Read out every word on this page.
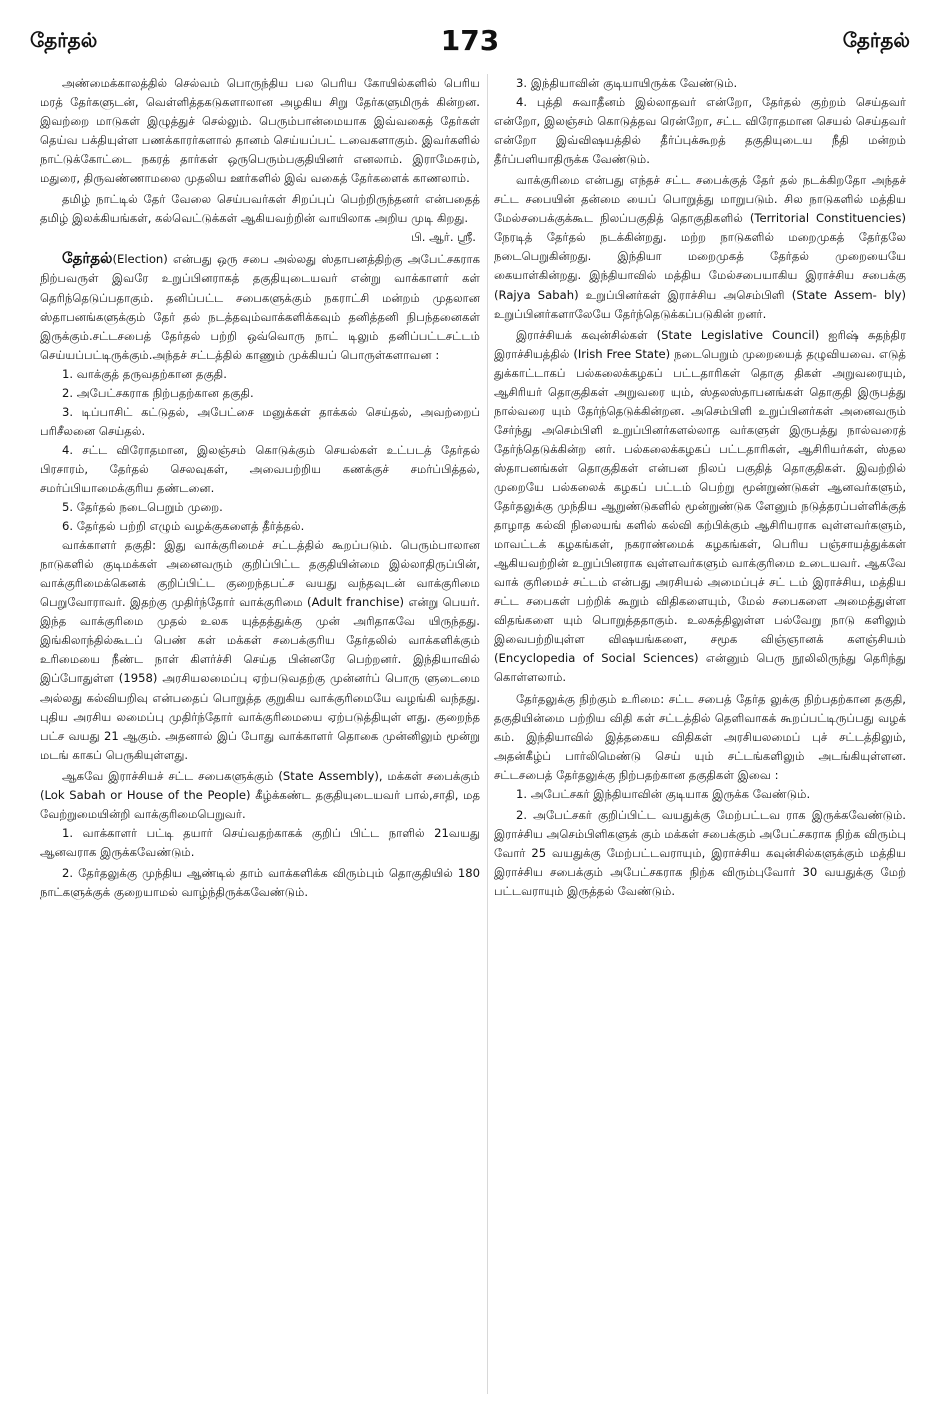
தேர்தல்	173	தேர்தல்

அண்மைக்காலத்தில் செல்வம் பொருந்திய பல பெரிய கோயில்களில் பெரிய மரத் தேர்களுடன், வெள்ளித்தகடுகளாலான அழகிய சிறு தேர்களுமிருக் கின்றன. இவற்றை மாடுகள் இழுத்துச் செல்லும். பெரும்பான்மையாக இவ்வகைத் தேர்கள் தெய்வ பக்தியுள்ள பணக்காரர்களால் தானம் செய்யப்பட் டவைகளாகும். இவர்களில் நாட்டுக்கோட்டை நகரத் தார்கள் ஒருபெரும்பகுதியினர் எனலாம். இராமேசுரம், மதுரை, திருவண்ணாமலை முதலிய ஊர்களில் இவ் வகைத் தேர்களைக் காணலாம்.

தமிழ் நாட்டில் தேர் வேலை செய்பவர்கள் சிறப்புப் பெற்றிருந்தனர் என்பதைத் தமிழ் இலக்கியங்கள், கல்வெட்டுக்கள் ஆகியவற்றின் வாயிலாக அறிய முடி கிறது.

பி. ஆர். ஸ்ரீ.

தேர்தல்(Election) என்பது ஒரு சபை அல்லது ஸ்தாபனத்திற்கு அபேட்சகராக நிற்பவருள் இவரே உறுப்பினராகத் தகுதியுடையவர் என்று வாக்காளர் கள் தெரிந்தெடுப்பதாகும். தனிப்பட்ட சபைகளுக்கும் நகராட்சி மன்றம் முதலான ஸ்தாபனங்களுக்கும் தேர் தல் நடத்தவும்வாக்களிக்கவும் தனித்தனி நிபந்தனைகள் இருக்கும்.சட்டசபைத் தேர்தல் பற்றி ஒவ்வொரு நாட் டிலும் தனிப்பட்டசட்டம் செய்யப்பட்டிருக்கும்.அந்தச் சட்டத்தில் காணும் முக்கியப் பொருள்களாவன :

1. வாக்குத் தருவதற்கான தகுதி.

2. அபேட்சகராக நிற்பதற்கான தகுதி.

3. டிப்பாசிட் கட்டுதல், அபேட்சை மனுக்கள் தாக்கல் செய்தல், அவற்றைப் பரிசீலனை செய்தல்.

4. சட்ட விரோதமான, இலஞ்சம் கொடுக்கும் செயல்கள் உட்படத் தேர்தல் பிரசாரம், தேர்தல் செலவுகள், அவைபற்றிய கணக்குச் சமர்ப்பித்தல், சமர்ப்பியாமைக்குரிய தண்டனை.

5. தேர்தல் நடைபெறும் முறை.

6. தேர்தல் பற்றி எழும் வழக்குகளைத் தீர்த்தல்.

வாக்காளர் தகுதி: இது வாக்குரிமைச் சட்டத்தில் கூறப்படும். பெரும்பாலான நாடுகளில் குடிமக்கள் அனைவரும் குறிப்பிட்ட தகுதியின்மை இல்லாதிருப்பின், வாக்குரிமைக்கெனக் குறிப்பிட்ட குறைந்தபட்ச வயது வந்தவுடன் வாக்குரிமை பெறுவோராவர். இதற்கு முதிர்ந்தோர் வாக்குரிமை (Adult franchise) என்று பெயர். இந்த வாக்குரிமை முதல் உலக யுத்தத்துக்கு முன் அரிதாகவே யிருந்தது. இங்கிலாந்தில்கூடப் பெண் கள் மக்கள் சபைக்குரிய தேர்தலில் வாக்களிக்கும் உரிமையை நீண்ட நாள் கிளர்ச்சி செய்த பின்னரே பெற்றனர். இந்தியாவில் இப்போதுள்ள (1958) அரசியலமைப்பு ஏற்படுவதற்கு முன்னர்ப் பொரு ளுடைமை அல்லது கல்வியறிவு என்பதைப் பொறுத்த குறுகிய வாக்குரிமையே வழங்கி வந்தது. புதிய அரசிய லமைப்பு முதிர்ந்தோர் வாக்குரிமையை ஏற்படுத்தியுள் ளது. குறைந்த பட்ச வயது 21 ஆகும். அதனால் இப் போது வாக்காளர் தொகை முன்னிலும் மூன்று மடங் காகப் பெருகியுள்ளது.

ஆகவே இராச்சியச் சட்ட சபைகளுக்கும் (State Assembly), மக்கள் சபைக்கும் (Lok Sabah or House of the People) கீழ்க்கண்ட தகுதியுடையவர் பால்,சாதி, மத வேற்றுமையின்றி வாக்குரிமைபெறுவர்.

1. வாக்காளர் பட்டி தயார் செய்வதற்காகக் குறிப் பிட்ட நாளில் 21வயது ஆனவராக இருக்கவேண்டும்.

2. தேர்தலுக்கு முந்திய ஆண்டில் தாம் வாக்களிக்க விரும்பும் தொகுதியில் 180 நாட்களுக்குக் குறையாமல் வாழ்ந்திருக்கவேண்டும்.

3. இந்தியாவின் குடியாயிருக்க வேண்டும்.

4. புத்தி சுவாதீனம் இல்லாதவர் என்றோ, தேர்தல் குற்றம் செய்தவர் என்றோ, இலஞ்சம் கொடுத்தவ ரென்றோ, சட்ட விரோதமான செயல் செய்தவர் என்றோ இவ்விஷயத்தில் தீர்ப்புக்கூறத் தகுதியுடைய நீதி மன்றம் தீர்ப்பளியாதிருக்க வேண்டும்.

வாக்குரிமை என்பது எந்தச் சட்ட சபைக்குத் தேர் தல் நடக்கிறதோ அந்தச் சட்ட சபையின் தன்மை யைப் பொறுத்து மாறுபடும். சில நாடுகளில் மத்திய மேல்சபைக்குக்கூட நிலப்பகுதித் தொகுதிகளில் (Territorial Constituencies) நேரடித் தேர்தல் நடக்கின்றது. மற்ற நாடுகளில் மறைமுகத் தேர்தலே நடைபெறுகின்றது. இந்தியா மறைமுகத் தேர்தல் முறையையே கையாள்கின்றது. இந்தியாவில் மத்திய மேல்சபையாகிய இராச்சிய சபைக்கு (Rajya Sabah) உறுப்பினர்கள் இராச்சிய அசெம்பிளி (State Assem- bly) உறுப்பினர்களாலேயே தேர்ந்தெடுக்கப்படுகின் றனர்.

இராச்சியக் கவுன்சில்கள் (State Legislative Council) ஐரிஷ் சுதந்திர இராச்சியத்தில் (Irish Free State) நடைபெறும் முறையைத் தழுவியவை. எடுத் துக்காட்டாகப் பல்கலைக்கழகப் பட்டதாரிகள் தொகு திகள் அறுவரையும், ஆசிரியர் தொகுதிகள் அறுவரை யும், ஸ்தலஸ்தாபனங்கள் தொகுதி இருபத்து நால்வரை யும் தேர்ந்தெடுக்கின்றன. அசெம்பிளி உறுப்பினர்கள் அனைவரும் சேர்ந்து அசெம்பிளி உறுப்பினர்களல்லாத வர்களுள் இருபத்து நால்வரைத் தேர்ந்தெடுக்கின்ற னர். பல்கலைக்கழகப் பட்டதாரிகள், ஆசிரியர்கள், ஸ்தல ஸ்தாபனங்கள் தொகுதிகள் என்பன நிலப் பகுதித் தொகுதிகள். இவற்றில் முறையே பல்கலைக் கழகப் பட்டம் பெற்று மூன்றுண்டுகள் ஆனவர்களும், தேர்தலுக்கு முந்திய ஆறுண்டுகளில் மூன்றுண்டுக ளேனும் நடுத்தரப்பள்ளிக்குத் தாழாத கல்வி நிலையங் களில் கல்வி கற்பிக்கும் ஆசிரியராக வுள்ளவர்களும், மாவட்டக் கழகங்கள், நகராண்மைக் கழகங்கள், பெரிய பஞ்சாயத்துக்கள் ஆகியவற்றின் உறுப்பினராக வுள்ளவர்களும் வாக்குரிமை உடையவர். ஆகவே வாக் குரிமைச் சட்டம் என்பது அரசியல் அமைப்புச் சட் டம் இராச்சிய, மத்திய சட்ட சபைகள் பற்றிக் கூறும் விதிகளையும், மேல் சபைகளை அமைத்துள்ள விதங்களை யும் பொறுத்ததாகும். உலகத்திலுள்ள பல்வேறு நாடு களிலும் இவைபற்றியுள்ள விஷயங்களை, சமூக விஞ்ஞானக் களஞ்சியம் (Encyclopedia of Social Sciences) என்னும் பெரு நூலிலிருந்து தெரிந்து கொள்ளலாம்.

தேர்தலுக்கு நிற்கும் உரிமை: சட்ட சபைத் தேர்த லுக்கு நிற்பதற்கான தகுதி, தகுதியின்மை பற்றிய விதி கள் சட்டத்தில் தெளிவாகக் கூறப்பட்டிருப்பது வழக் கம். இந்தியாவில் இத்தகைய விதிகள் அரசியலமைப் புச் சட்டத்திலும், அதன்கீழ்ப் பார்லிமெண்டு செய் யும் சட்டங்களிலும் அடங்கியுள்ளன. சட்டசபைத் தேர்தலுக்கு நிற்பதற்கான தகுதிகள் இவை :

1. அபேட்சகர் இந்தியாவின் குடியாக இருக்க வேண்டும்.

2. அபேட்சகர் குறிப்பிட்ட வயதுக்கு மேற்பட்டவ ராக இருக்கவேண்டும். இராச்சிய அசெம்பிளிகளுக் கும் மக்கள் சபைக்கும் அபேட்சகராக நிற்க விரும்பு வோர் 25 வயதுக்கு மேற்பட்டவராயும், இராச்சிய கவுன்சில்களுக்கும் மத்திய இராச்சிய சபைக்கும் அபேட்சகராக நிற்க விரும்புவோர் 30 வயதுக்கு மேற் பட்டவராயும் இருத்தல் வேண்டும்.
